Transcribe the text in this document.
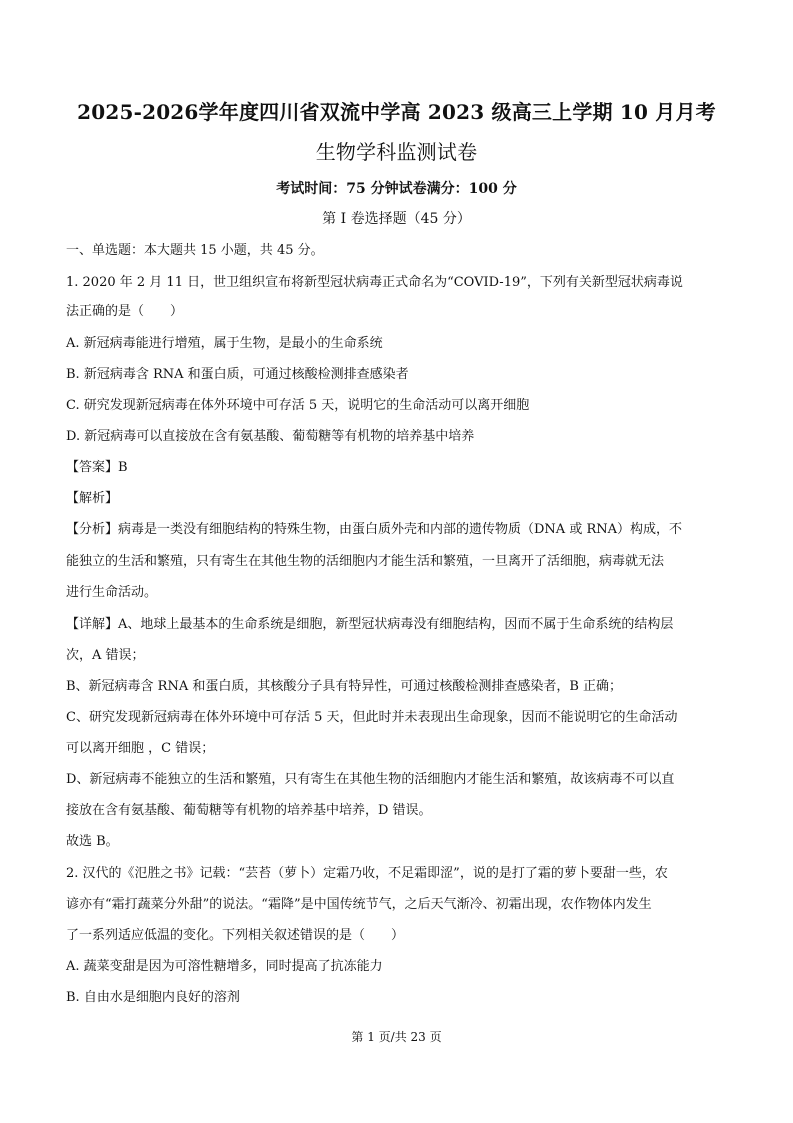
2025-2026学年度四川省双流中学高 2023 级高三上学期 10 月月考
生物学科监测试卷
考试时间：75 分钟试卷满分：100 分
第 I 卷选择题（45 分）
一、单选题：本大题共 15 小题，共 45 分。
1. 2020 年 2 月 11 日，世卫组织宣布将新型冠状病毒正式命名为“COVID-19”，下列有关新型冠状病毒说
法正确的是（　　）
A. 新冠病毒能进行增殖，属于生物，是最小的生命系统
B. 新冠病毒含 RNA 和蛋白质，可通过核酸检测排查感染者
C. 研究发现新冠病毒在体外环境中可存活 5 天，说明它的生命活动可以离开细胞
D. 新冠病毒可以直接放在含有氨基酸、葡萄糖等有机物的培养基中培养
【答案】B
【解析】
【分析】病毒是一类没有细胞结构的特殊生物，由蛋白质外壳和内部的遗传物质（DNA 或 RNA）构成，不
能独立的生活和繁殖，只有寄生在其他生物的活细胞内才能生活和繁殖，一旦离开了活细胞，病毒就无法
进行生命活动。
【详解】A、地球上最基本的生命系统是细胞，新型冠状病毒没有细胞结构，因而不属于生命系统的结构层
次，A 错误；
B、新冠病毒含 RNA 和蛋白质，其核酸分子具有特异性，可通过核酸检测排查感染者，B 正确；
C、研究发现新冠病毒在体外环境中可存活 5 天，但此时并未表现出生命现象，因而不能说明它的生命活动
可以离开细胞 ，C 错误；
D、新冠病毒不能独立的生活和繁殖，只有寄生在其他生物的活细胞内才能生活和繁殖，故该病毒不可以直
接放在含有氨基酸、葡萄糖等有机物的培养基中培养，D 错误。
故选 B。
2. 汉代的《氾胜之书》记载：“芸苔（萝卜）定霜乃收，不足霜即涩”，说的是打了霜的萝卜要甜一些，农
谚亦有“霜打蔬菜分外甜”的说法。“霜降”是中国传统节气，之后天气渐冷、初霜出现，农作物体内发生
了一系列适应低温的变化。下列相关叙述错误的是（　　）
A. 蔬菜变甜是因为可溶性糖增多，同时提高了抗冻能力
B. 自由水是细胞内良好的溶剂
第 1 页/共 23 页
